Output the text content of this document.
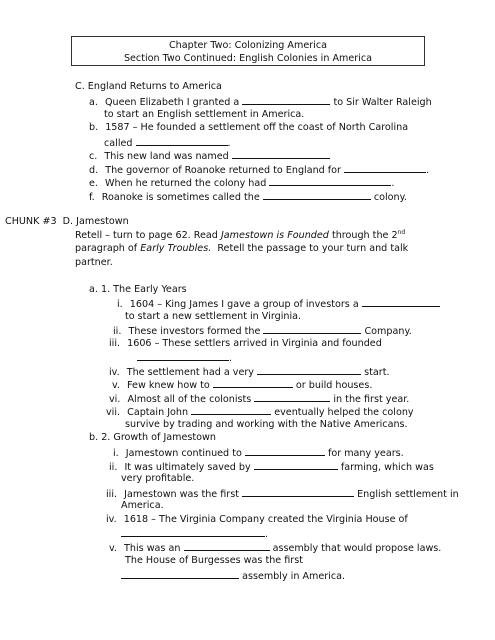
Chapter Two: Colonizing America
Section Two Continued: English Colonies in America
C. England Returns to America
a. Queen Elizabeth I granted a	to Sir Walter Raleigh
to start an English settlement in America.
b. 1587 – He founded a settlement off the coast of North Carolina
called	.
c. This new land was named
d. The governor of Roanoke returned to England for	.
e. When he returned the colony had	.
f. Roanoke is sometimes called the	colony.
CHUNK #3 D. Jamestown
Retell – turn to page 62. Read Jamestown is Founded through the 2nd
paragraph of Early Troubles. Retell the passage to your turn and talk
partner.
a. 1. The Early Years
i. 1604 – King James I gave a group of investors a
to start a new settlement in Virginia.
ii. These investors formed the	Company.
iii. 1606 – These settlers arrived in Virginia and founded
.
iv. The settlement had a very	start.
v. Few knew how to	or build houses.
vi. Almost all of the colonists	in the first year.
vii. Captain John	eventually helped the colony
survive by trading and working with the Native Americans.
b. 2. Growth of Jamestown
i. Jamestown continued to	for many years.
ii. It was ultimately saved by	farming, which was
very profitable.
iii. Jamestown was the first	English settlement in
America.
iv. 1618 – The Virginia Company created the Virginia House of
.
v. This was an	assembly that would propose laws.
The House of Burgesses was the first
assembly in America.
